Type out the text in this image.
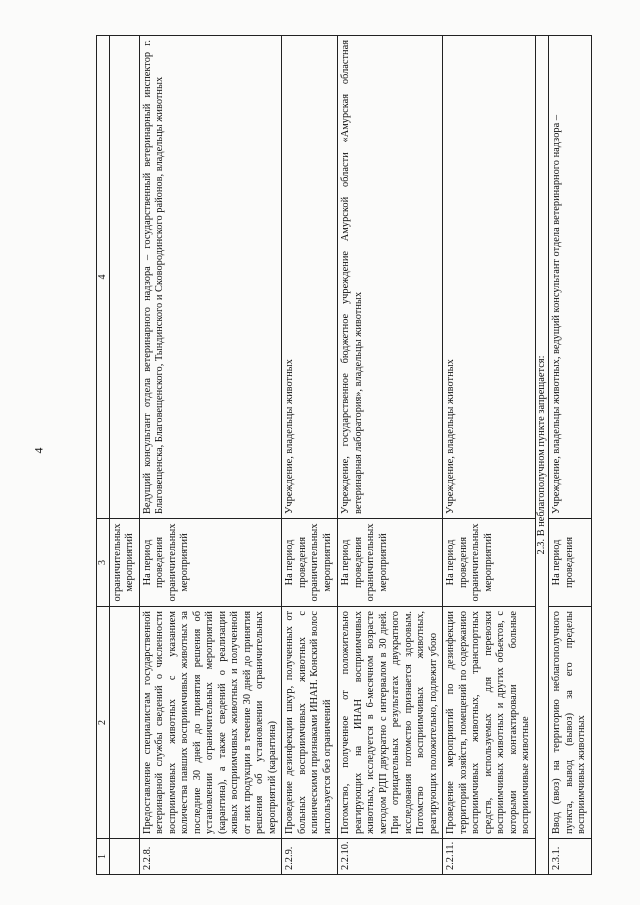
4
1	2	3	4
		ограничительных мероприятий	
2.2.8.	Предоставление специалистам государственной ветеринарной службы сведений о численности восприимчивых животных с указанием количества павших восприимчивых животных за последние 30 дней до принятия решения об установлении ограничительных мероприятий (карантина), а также сведений о реализации живых восприимчивых животных и полученной от них продукции в течение 30 дней до принятия решения об установлении ограничительных мероприятий (карантина)	На период проведения ограничительных мероприятий	Ведущий консультант отдела ветеринарного надзора – государственный ветеринарный инспектор г. Благовещенска, Благовещенского, Тындинского и Сковородинского районов, владельцы животных
2.2.9.	Проведение дезинфекции шкур, полученных от больных восприимчивых животных с клиническими признаками ИНАН. Конский волос используется без ограничений	На период проведения ограничительных мероприятий	Учреждение, владельцы животных
2.2.10.	Потомство, полученное от положительно реагирующих на ИНАН восприимчивых животных, исследуется в 6-месячном возрасте методом РДП двукратно с интервалом в 30 дней. При отрицательных результатах двукратного исследования потомство признается здоровым. Потомство восприимчивых животных, реагирующих положительно, подлежит убою	На период проведения ограничительных мероприятий	Учреждение, государственное бюджетное учреждение Амурской области «Амурская областная ветеринарная лаборатория», владельцы животных
2.2.11.	Проведение мероприятий по дезинфекции территорий хозяйств, помещений по содержанию восприимчивых животных, транспортных средств, используемых для перевозки восприимчивых животных и других объектов, с которыми контактировали больные восприимчивые животные	На период проведения ограничительных мероприятий	Учреждение, владельцы животных
2.3. В неблагополучном пункте запрещается:			
2.3.1.	Ввод (ввоз) на территорию неблагополучного пункта, вывод (вывоз) за его пределы восприимчивых животных	На период проведения	Учреждение, владельцы животных, ведущий консультант отдела ветеринарного надзора –
